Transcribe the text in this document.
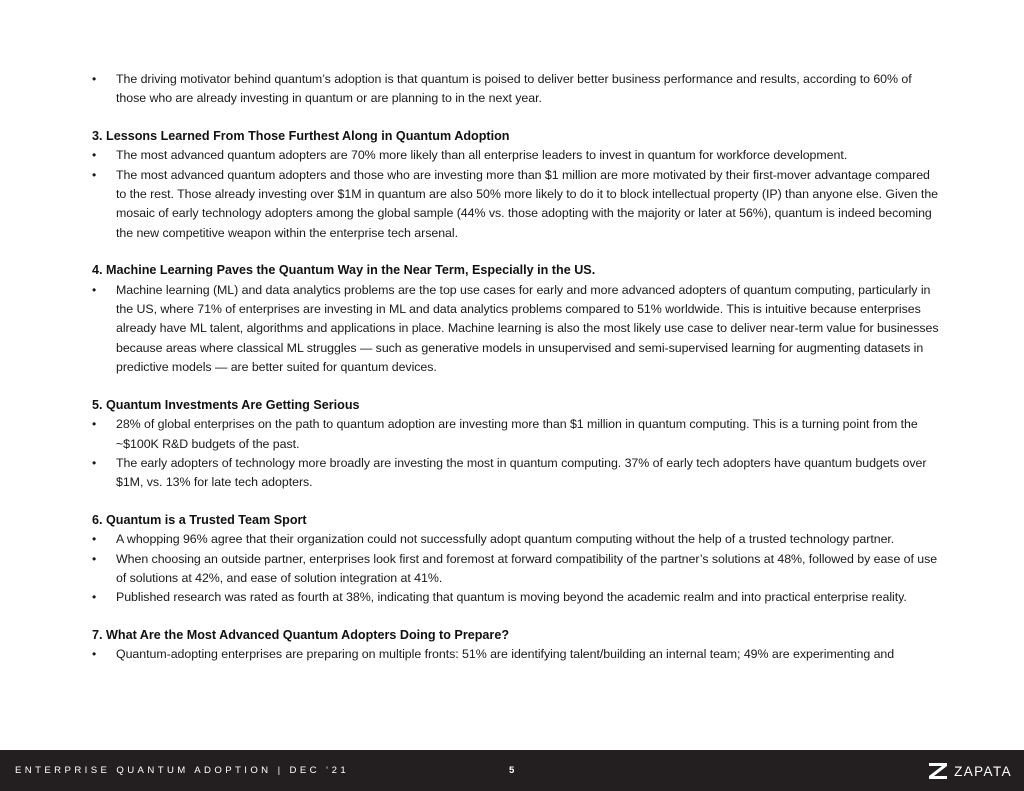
• The driving motivator behind quantum’s adoption is that quantum is poised to deliver better business performance and results, according to 60% of those who are already investing in quantum or are planning to in the next year.
3. Lessons Learned From Those Furthest Along in Quantum Adoption
• The most advanced quantum adopters are 70% more likely than all enterprise leaders to invest in quantum for workforce development.
• The most advanced quantum adopters and those who are investing more than $1 million are more motivated by their first-mover advantage compared to the rest. Those already investing over $1M in quantum are also 50% more likely to do it to block intellectual property (IP) than anyone else. Given the mosaic of early technology adopters among the global sample (44% vs. those adopting with the majority or later at 56%), quantum is indeed becoming the new competitive weapon within the enterprise tech arsenal.
4. Machine Learning Paves the Quantum Way in the Near Term, Especially in the US.
• Machine learning (ML) and data analytics problems are the top use cases for early and more advanced adopters of quantum computing, particularly in the US, where 71% of enterprises are investing in ML and data analytics problems compared to 51% worldwide. This is intuitive because enterprises already have ML talent, algorithms and applications in place. Machine learning is also the most likely use case to deliver near-term value for businesses because areas where classical ML struggles — such as generative models in unsupervised and semi-supervised learning for augmenting datasets in predictive models — are better suited for quantum devices.
5. Quantum Investments Are Getting Serious
• 28% of global enterprises on the path to quantum adoption are investing more than $1 million in quantum computing. This is a turning point from the ~$100K R&D budgets of the past.
• The early adopters of technology more broadly are investing the most in quantum computing. 37% of early tech adopters have quantum budgets over $1M, vs. 13% for late tech adopters.
6. Quantum is a Trusted Team Sport
• A whopping 96% agree that their organization could not successfully adopt quantum computing without the help of a trusted technology partner.
• When choosing an outside partner, enterprises look first and foremost at forward compatibility of the partner’s solutions at 48%, followed by ease of use of solutions at 42%, and ease of solution integration at 41%.
• Published research was rated as fourth at 38%, indicating that quantum is moving beyond the academic realm and into practical enterprise reality.
7. What Are the Most Advanced Quantum Adopters Doing to Prepare?
• Quantum-adopting enterprises are preparing on multiple fronts: 51% are identifying talent/building an internal team; 49% are experimenting and
ENTERPRISE QUANTUM ADOPTION | DEC ‘21	5	ZAPATA
